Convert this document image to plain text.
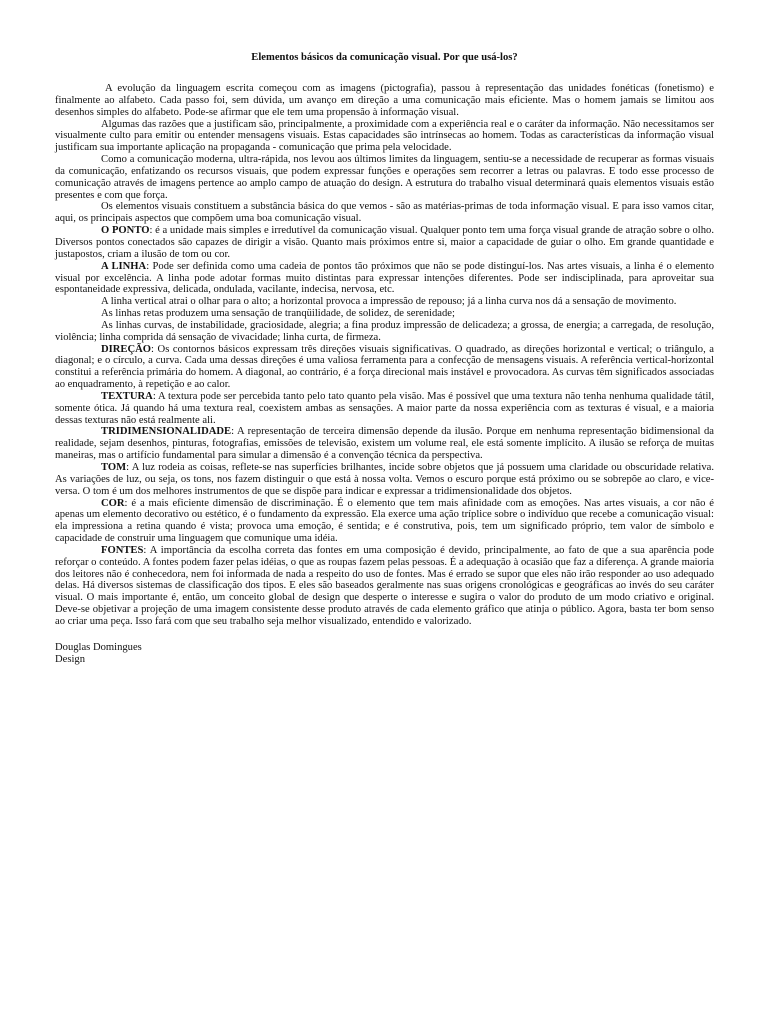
Elementos básicos da comunicação visual. Por que usá-los?

A evolução da linguagem escrita começou com as imagens (pictografia), passou à representação das unidades fonéticas (fonetismo) e finalmente ao alfabeto. Cada passo foi, sem dúvida, um avanço em direção a uma comunicação mais eficiente. Mas o homem jamais se limitou aos desenhos simples do alfabeto. Pode-se afirmar que ele tem uma propensão à informação visual.

Algumas das razões que a justificam são, principalmente, a proximidade com a experiência real e o caráter da informação. Não necessitamos ser visualmente culto para emitir ou entender mensagens visuais. Estas capacidades são intrínsecas ao homem. Todas as características da informação visual justificam sua importante aplicação na propaganda - comunicação que prima pela velocidade.

Como a comunicação moderna, ultra-rápida, nos levou aos últimos limites da linguagem, sentiu-se a necessidade de recuperar as formas visuais da comunicação, enfatizando os recursos visuais, que podem expressar funções e operações sem recorrer a letras ou palavras. E todo esse processo de comunicação através de imagens pertence ao amplo campo de atuação do design. A estrutura do trabalho visual determinará quais elementos visuais estão presentes e com que força.

Os elementos visuais constituem a substância básica do que vemos - são as matérias-primas de toda informação visual. E para isso vamos citar, aqui, os principais aspectos que compõem uma boa comunicação visual.

O PONTO: é a unidade mais simples e irredutível da comunicação visual. Qualquer ponto tem uma força visual grande de atração sobre o olho. Diversos pontos conectados são capazes de dirigir a visão. Quanto mais próximos entre si, maior a capacidade de guiar o olho. Em grande quantidade e justapostos, criam a ilusão de tom ou cor.

A LINHA: Pode ser definida como uma cadeia de pontos tão próximos que não se pode distinguí-los. Nas artes visuais, a linha é o elemento visual por excelência. A linha pode adotar formas muito distintas para expressar intenções diferentes. Pode ser indisciplinada, para aproveitar sua espontaneidade expressiva, delicada, ondulada, vacilante, indecisa, nervosa, etc.

A linha vertical atrai o olhar para o alto; a horizontal provoca a impressão de repouso; já a linha curva nos dá a sensação de movimento.

As linhas retas produzem uma sensação de tranqüilidade, de solidez, de serenidade;

As linhas curvas, de instabilidade, graciosidade, alegria; a fina produz impressão de delicadeza; a grossa, de energia; a carregada, de resolução, violência; linha comprida dá sensação de vivacidade; linha curta, de firmeza.

DIREÇÃO: Os contornos básicos expressam três direções visuais significativas. O quadrado, as direções horizontal e vertical; o triângulo, a diagonal; e o círculo, a curva. Cada uma dessas direções é uma valiosa ferramenta para a confecção de mensagens visuais. A referência vertical-horizontal constitui a referência primária do homem. A diagonal, ao contrário, é a força direcional mais instável e provocadora. As curvas têm significados associadas ao enquadramento, à repetição e ao calor.

TEXTURA: A textura pode ser percebida tanto pelo tato quanto pela visão. Mas é possível que uma textura não tenha nenhuma qualidade tátil, somente ótica. Já quando há uma textura real, coexistem ambas as sensações. A maior parte da nossa experiência com as texturas é visual, e a maioria dessas texturas não está realmente ali.

TRIDIMENSIONALIDADE: A representação de terceira dimensão depende da ilusão. Porque em nenhuma representação bidimensional da realidade, sejam desenhos, pinturas, fotografias, emissões de televisão, existem um volume real, ele está somente implícito. A ilusão se reforça de muitas maneiras, mas o artifício fundamental para simular a dimensão é a convenção técnica da perspectiva.

TOM: A luz rodeia as coisas, reflete-se nas superfícies brilhantes, incide sobre objetos que já possuem uma claridade ou obscuridade relativa. As variações de luz, ou seja, os tons, nos fazem distinguir o que está à nossa volta. Vemos o escuro porque está próximo ou se sobrepõe ao claro, e vice-versa. O tom é um dos melhores instrumentos de que se dispõe para indicar e expressar a tridimensionalidade dos objetos.

COR: é a mais eficiente dimensão de discriminação. É o elemento que tem mais afinidade com as emoções. Nas artes visuais, a cor não é apenas um elemento decorativo ou estético, é o fundamento da expressão. Ela exerce uma ação tríplice sobre o indivíduo que recebe a comunicação visual: ela impressiona a retina quando é vista; provoca uma emoção, é sentida; e é construtiva, pois, tem um significado próprio, tem valor de símbolo e capacidade de construir uma linguagem que comunique uma idéia.

FONTES: A importância da escolha correta das fontes em uma composição é devido, principalmente, ao fato de que a sua aparência pode reforçar o conteúdo. A fontes podem fazer pelas idéias, o que as roupas fazem pelas pessoas. É a adequação à ocasião que faz a diferença. A grande maioria dos leitores não é conhecedora, nem foi informada de nada a respeito do uso de fontes. Mas é errado se supor que eles não irão responder ao uso adequado delas. Há diversos sistemas de classificação dos tipos. E eles são baseados geralmente nas suas origens cronológicas e geográficas ao invés do seu caráter visual. O mais importante é, então, um conceito global de design que desperte o interesse e sugira o valor do produto de um modo criativo e original. Deve-se objetivar a projeção de uma imagem consistente desse produto através de cada elemento gráfico que atinja o público. Agora, basta ter bom senso ao criar uma peça. Isso fará com que seu trabalho seja melhor visualizado, entendido e valorizado.

Douglas Domingues
Design
